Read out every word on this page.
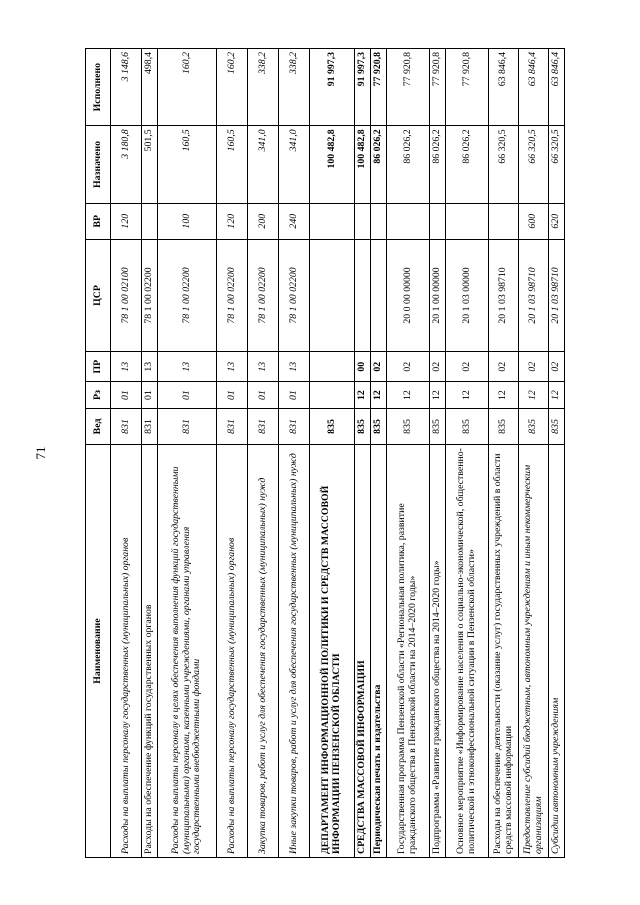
71
Наименование	Вед	Рз	ПР	ЦСР	ВР	Назначено	Исполнено
Расходы на выплаты персоналу государственных (муниципальных) органов	831	01	13	78 1 00 02100	120	3 180,8	3 148,6
Расходы на обеспечение функций государственных органов	831	01	13	78 1 00 02200		501,5	498,4
Расходы на выплаты персоналу в целях обеспечения выполнения функций государственными (муниципальными) органами, казенными учреждениями, органами управления государственными внебюджетными фондами	831	01	13	78 1 00 02200	100	160,5	160,2
Расходы на выплаты персоналу государственных (муниципальных) органов	831	01	13	78 1 00 02200	120	160,5	160,2
Закупка товаров, работ и услуг для обеспечения государственных (муниципальных) нужд	831	01	13	78 1 00 02200	200	341,0	338,2
Иные закупки товаров, работ и услуг для обеспечения государственных (муниципальных) нужд	831	01	13	78 1 00 02200	240	341,0	338,2
ДЕПАРТАМЕНТ ИНФОРМАЦИОННОЙ ПОЛИТИКИ И СРЕДСТВ МАССОВОЙ ИНФОРМАЦИИ ПЕНЗЕНСКОЙ ОБЛАСТИ	835					100 482,8	91 997,3
СРЕДСТВА МАССОВОЙ ИНФОРМАЦИИ	835	12	00			100 482,8	91 997,3
Периодическая печать и издательства	835	12	02			86 026,2	77 920,8
Государственная программа Пензенской области «Региональная политика, развитие гражданского общества в Пензенской области на 2014–2020 годы»	835	12	02	20 0 00 00000		86 026,2	77 920,8
Подпрограмма «Развитие гражданского общества на 2014–2020 годы»	835	12	02	20 1 00 00000		86 026,2	77 920,8
Основное мероприятие «Информирование населения о социально-экономической, общественно-политической и этноконфессиональной ситуации в Пензенской области»	835	12	02	20 1 03 00000		86 026,2	77 920,8
Расходы на обеспечение деятельности (оказание услуг) государственных учреждений в области средств массовой информации	835	12	02	20 1 03 98710		66 320,5	63 846,4
Предоставление субсидий бюджетным, автономным учреждениям и иным некоммерческим организациям	835	12	02	20 1 03 98710	600	66 320,5	63 846,4
Субсидии автономным учреждениям	835	12	02	20 1 03 98710	620	66 320,5	63 846,4
